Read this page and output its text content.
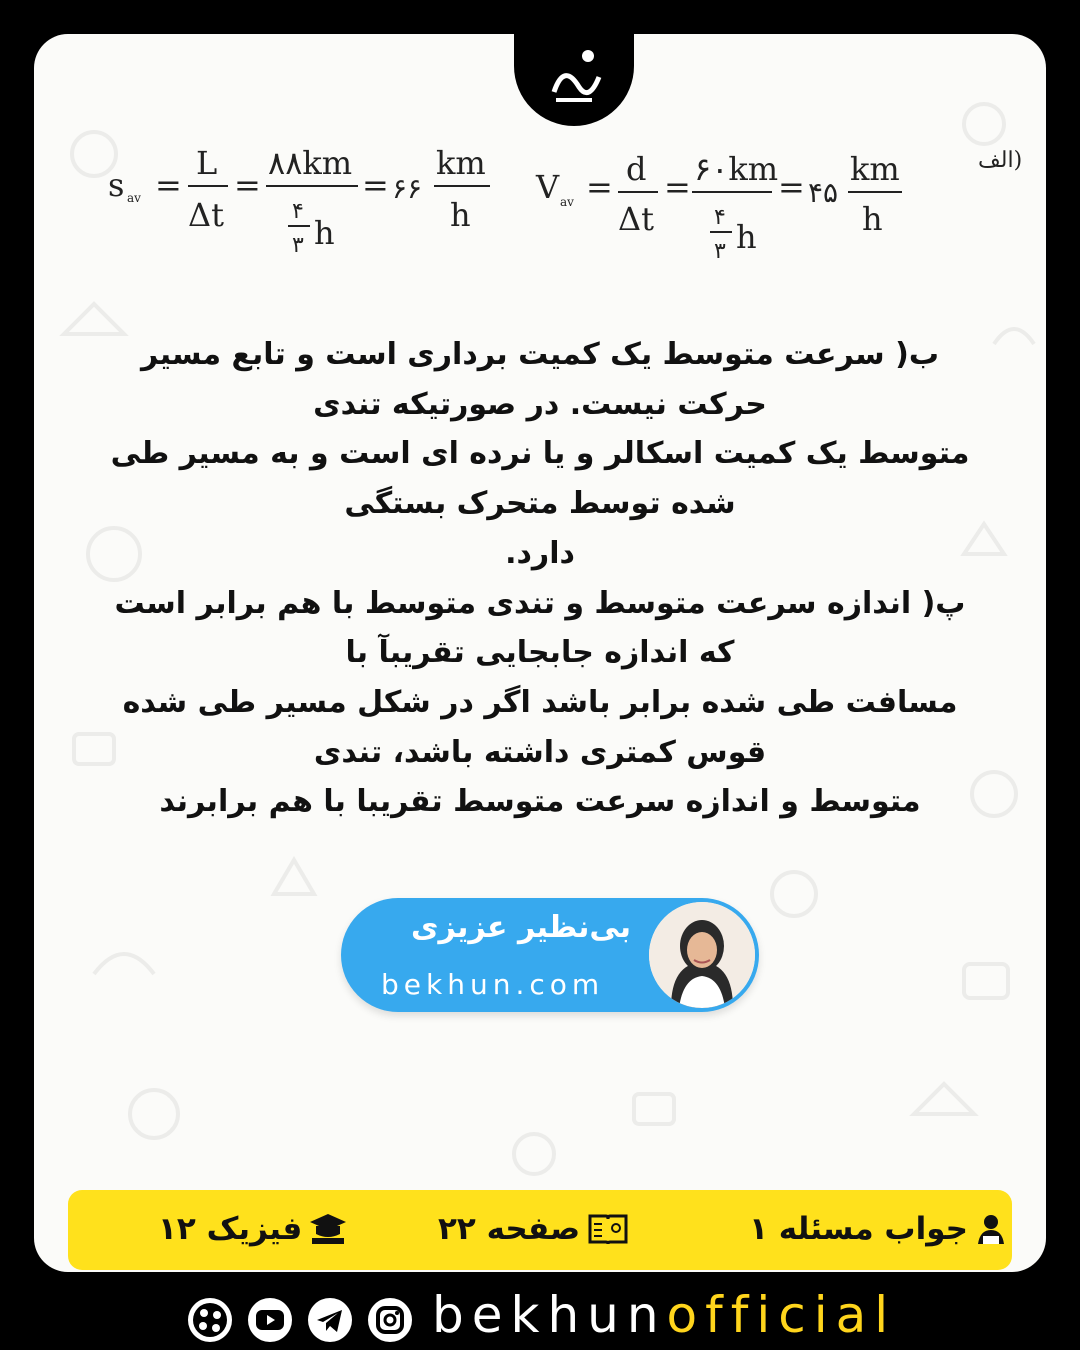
الف)
s av =
L
Δt
=
۸۸km
۴
۳ h
= ۶۶
km
h
V av = d
Δt
= ۶۰km
۴
۳ h
= ۴۵
km
h
ب( سرعت متوسط یک کمیت برداری است و تابع مسیر
حرکت نیست. در صورتیکه تندی
متوسط یک کمیت اسکالر و یا نرده ای است و به مسیر طی
شده توسط متحرک بستگی
دارد.
پ( اندازه سرعت متوسط و تندی متوسط با هم برابر است
که اندازه جابجایی تقریبآ با
مسافت طی شده برابر باشد اگر در شکل مسیر طی شده
قوس کمتری داشته باشد، تندی
متوسط و اندازه سرعت متوسط تقریبا با هم برابرند
بی‌نظیر عزیزی
bekhun.com
جواب مسئله ۱
صفحه ۲۲
فیزیک ۱۲
bekhunofficial
